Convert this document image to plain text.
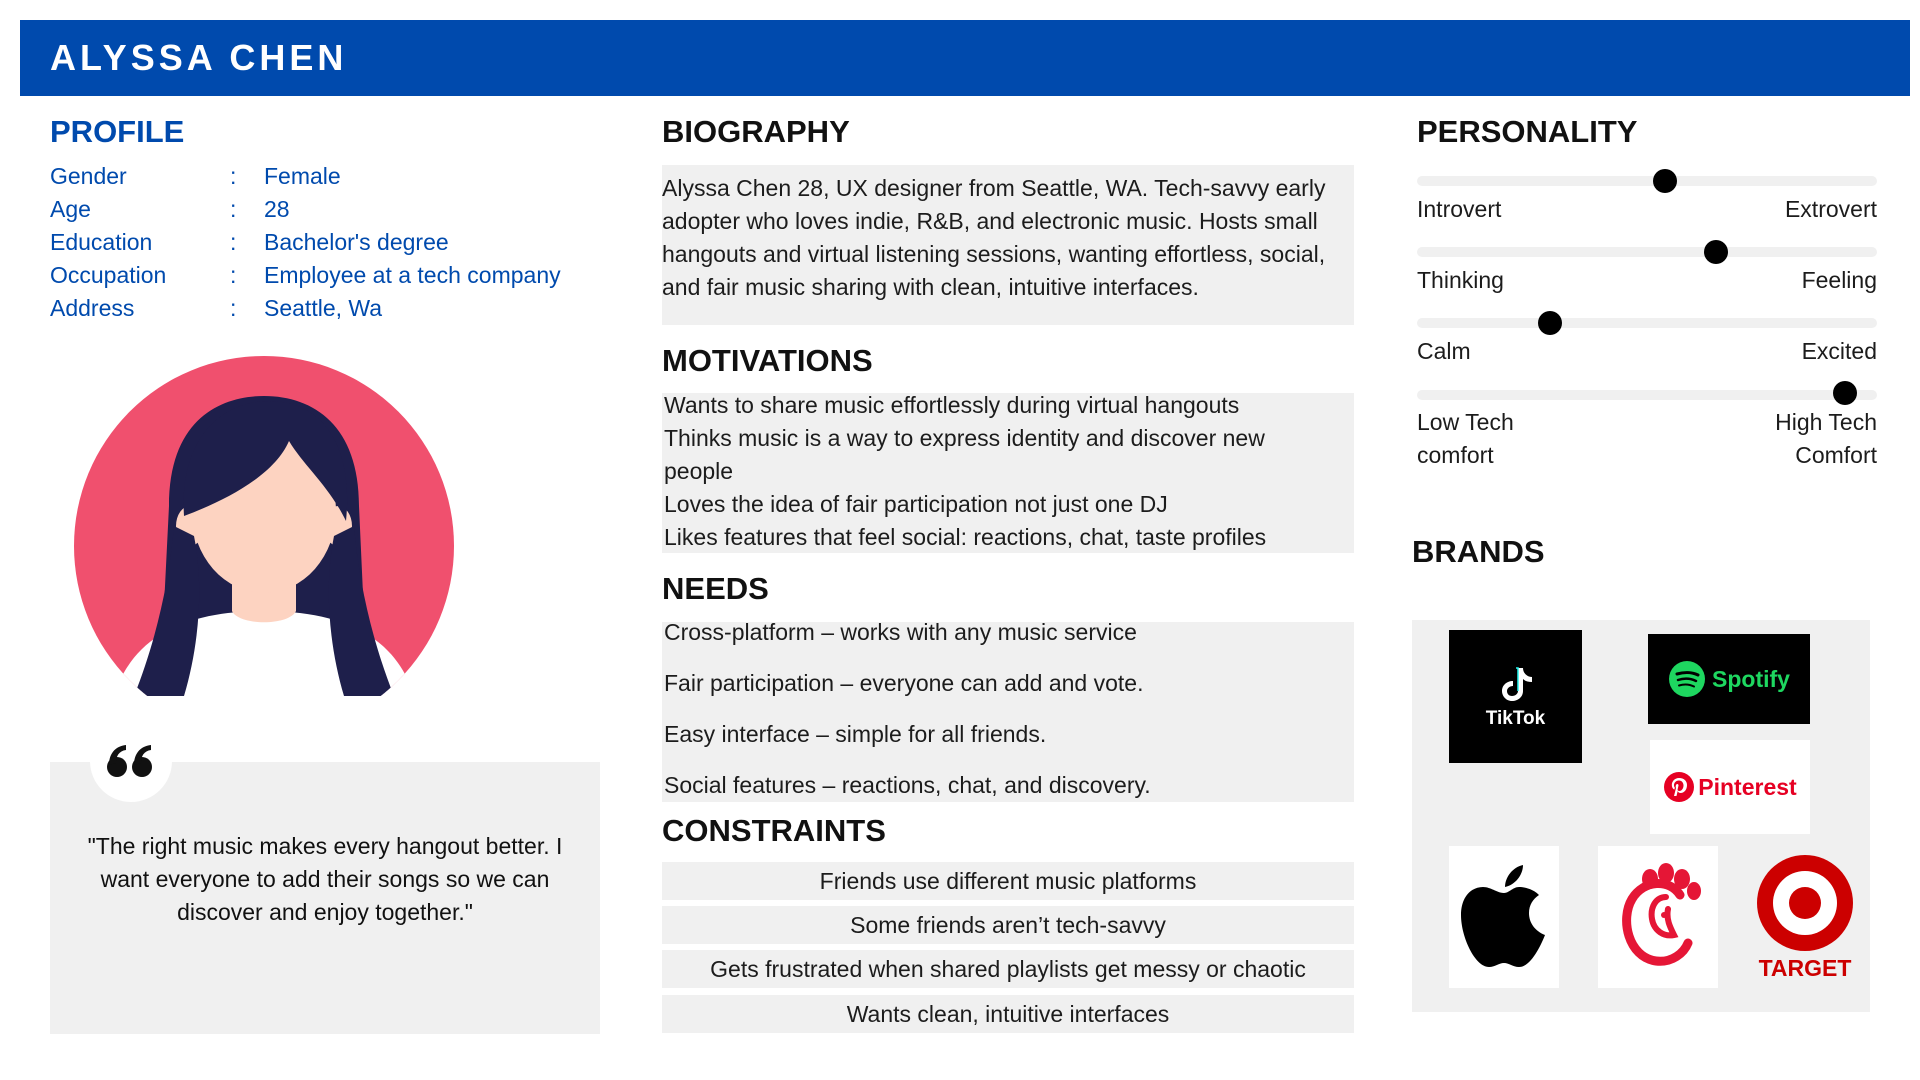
ALYSSA CHEN
PROFILE
Gender	:	Female
Age	:	28
Education	:	Bachelor's degree
Occupation	:	Employee at a tech company
Address	:	Seattle, Wa
"The right music makes every hangout better. I want everyone to add their songs so we can discover and enjoy together."
BIOGRAPHY
Alyssa Chen 28, UX designer from Seattle, WA. Tech-savvy early adopter who loves indie, R&B, and electronic music. Hosts small hangouts and virtual listening sessions, wanting effortless, social, and fair music sharing with clean, intuitive interfaces.
MOTIVATIONS
Wants to share music effortlessly during virtual hangouts
Thinks music is a way to express identity and discover new people
Loves the idea of fair participation not just one DJ
Likes features that feel social: reactions, chat, taste profiles
NEEDS
Cross-platform – works with any music service
Fair participation – everyone can add and vote.
Easy interface – simple for all friends.
Social features – reactions, chat, and discovery.
CONSTRAINTS
Friends use different music platforms
Some friends aren’t tech-savvy
Gets frustrated when shared playlists get messy or chaotic
Wants clean, intuitive interfaces
PERSONALITY
Introvert	Extrovert
Thinking	Feeling
Calm	Excited
Low Tech comfort
High Tech Comfort
BRANDS
TikTok
Spotify
Pinterest
TARGET
